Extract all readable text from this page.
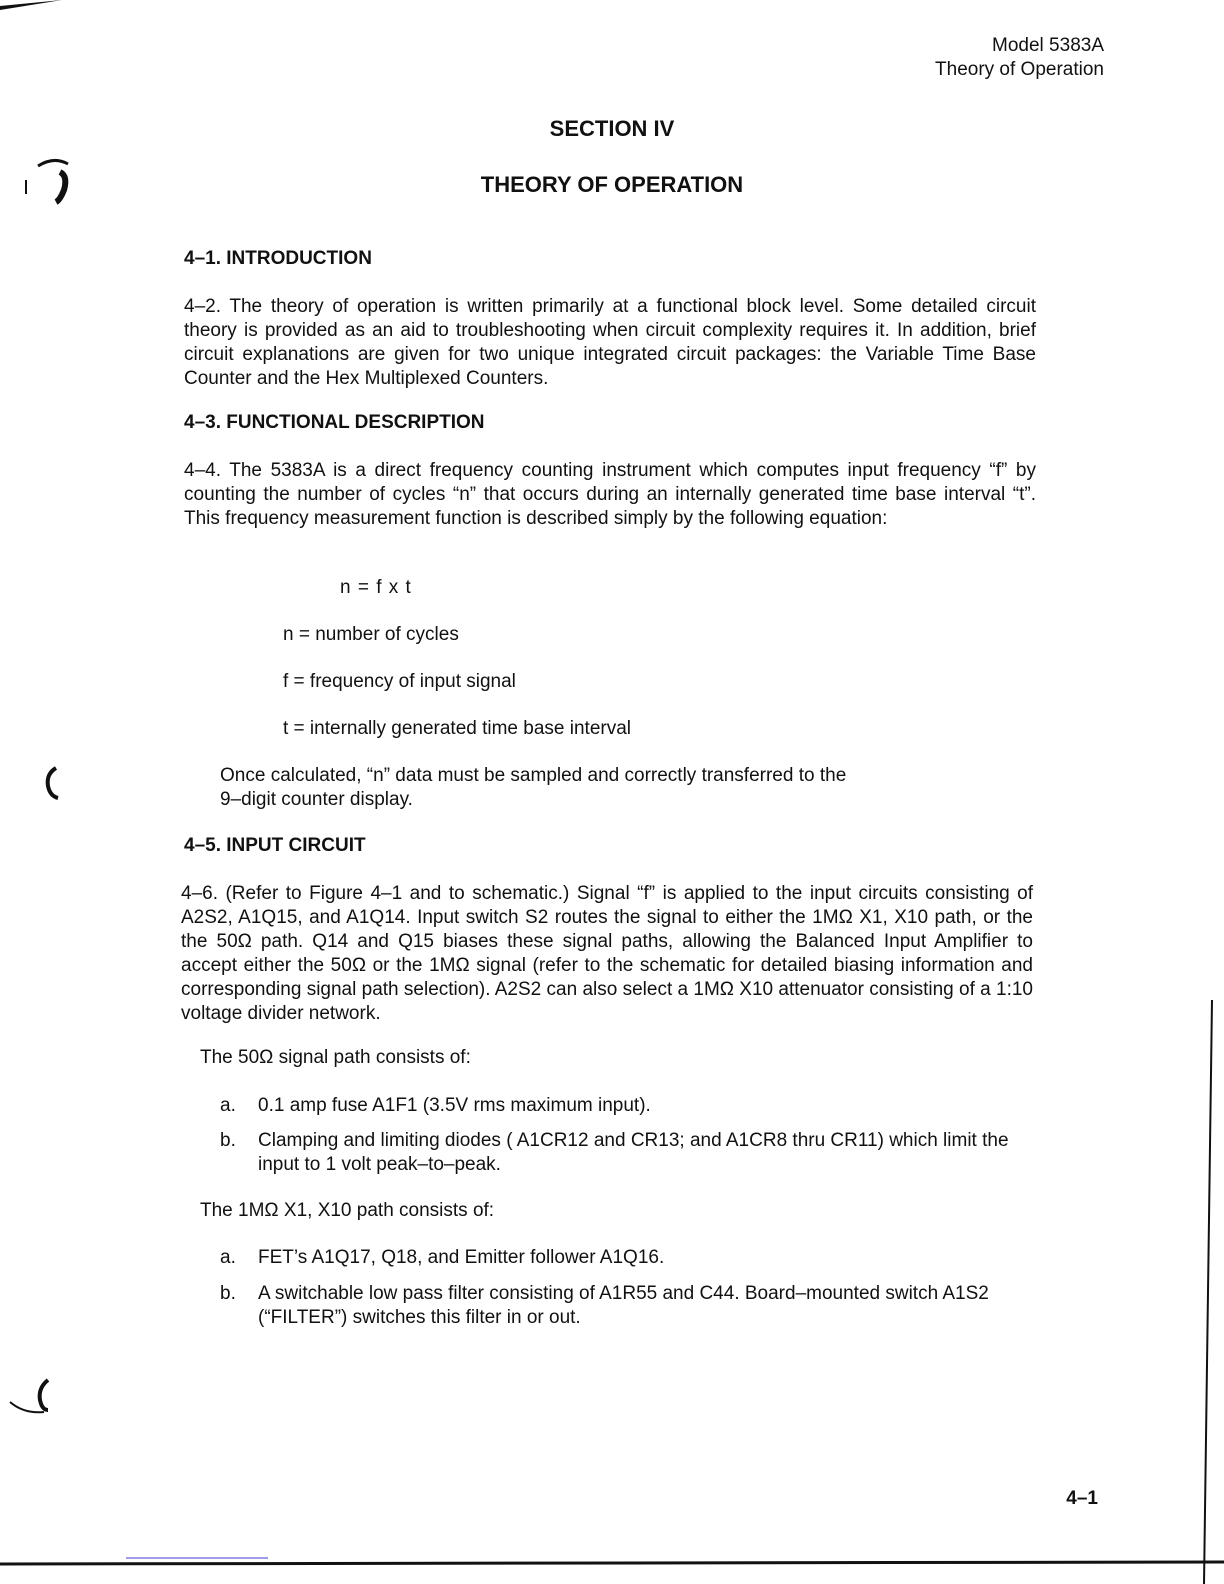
Model 5383A
Theory of Operation
SECTION IV
THEORY OF OPERATION
4–1. INTRODUCTION
4–2. The theory of operation is written primarily at a functional block level. Some detailed circuit theory is provided as an aid to troubleshooting when circuit complexity requires it. In addition, brief circuit explanations are given for two unique integrated circuit packages: the Variable Time Base Counter and the Hex Multiplexed Counters.
4–3. FUNCTIONAL DESCRIPTION
4–4. The 5383A is a direct frequency counting instrument which computes input frequency “f” by counting the number of cycles “n” that occurs during an internally generated time base interval “t”. This frequency measurement function is described simply by the following equation:
n = f x t
n = number of cycles
f = frequency of input signal
t = internally generated time base interval
Once calculated, “n” data must be sampled and correctly transferred to the
9–digit counter display.
4–5. INPUT CIRCUIT
4–6. (Refer to Figure 4–1 and to schematic.) Signal “f” is applied to the input circuits consisting of A2S2, A1Q15, and A1Q14. Input switch S2 routes the signal to either the 1MΩ X1, X10 path, or the the 50Ω path. Q14 and Q15 biases these signal paths, allowing the Balanced Input Amplifier to accept either the 50Ω or the 1MΩ signal (refer to the schematic for detailed biasing information and corresponding signal path selection). A2S2 can also select a 1MΩ X10 attenuator consisting of a 1:10 voltage divider network.
The 50Ω signal path consists of:
a. 0.1 amp fuse A1F1 (3.5V rms maximum input).
b. Clamping and limiting diodes ( A1CR12 and CR13; and A1CR8 thru CR11) which limit the input to 1 volt peak–to–peak.
The 1MΩ X1, X10 path consists of:
a. FET’s A1Q17, Q18, and Emitter follower A1Q16.
b. A switchable low pass filter consisting of A1R55 and C44. Board–mounted switch A1S2 (“FILTER”) switches this filter in or out.
4–1
